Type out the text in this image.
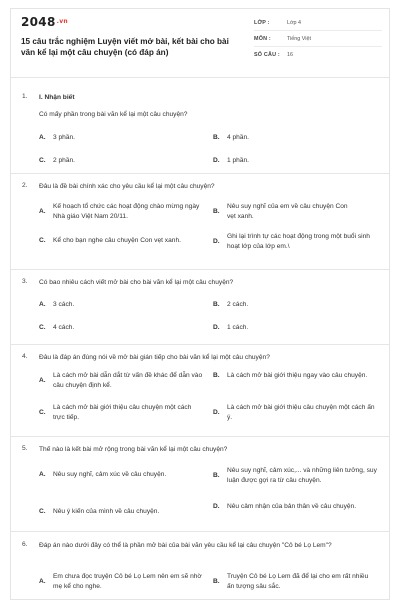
$2048^{.vn}$
15 câu trắc nghiệm Luyện viết mở bài, kết bài cho bài văn kể lại một câu chuyện (có đáp án)
LỚP :	Lớp 4
MÔN :	Tiếng Việt
SỐ CÂU :	16
1. I. Nhận biết
Có mấy phần trong bài văn kể lại một câu chuyện?
A.	3 phần.	B.	4 phần.
C.	2 phần.	D.	1 phần.
2. Đâu là đề bài chính xác cho yêu cầu kể lại một câu chuyện?
A.
Kế hoạch tổ chức các hoạt động chào mừng ngày Nhà giáo Việt Nam 20/11.
B.
Nêu suy nghĩ của em về câu chuyện Con vẹt xanh.
C.	Kể cho bạn nghe câu chuyện Con vẹt xanh.	D.
Ghi lại trình tự các hoạt động trong một buổi sinh hoạt lớp của lớp em.\
3. Có bao nhiêu cách viết mở bài cho bài văn kể lại một câu chuyện?
A.	3 cách.	B.	2 cách.
C.	4 cách.	D.	1 cách.
4. Đâu là đáp án đúng nói về mở bài gián tiếp cho bài văn kể lại một câu chuyện?
A.
Là cách mở bài dẫn dắt từ vấn đề khác để dẫn vào câu chuyện định kể.
B.	Là cách mở bài giới thiệu ngay vào câu chuyện.
C.
Là cách mở bài giới thiệu câu chuyện một cách trực tiếp.
D.
Là cách mở bài giới thiệu câu chuyện một cách ấn ý.
5. Thế nào là kết bài mở rộng trong bài văn kể lại một câu chuyện?
A.	Nêu suy nghĩ, cảm xúc về câu chuyện.	B.
Nêu suy nghĩ, cảm xúc,... và những liên tưởng, suy luận được gợi ra từ câu chuyện.
C.	Nêu ý kiến của mình về câu chuyện.
D.	Nêu cảm nhận của bản thân về câu chuyện.
6. Đáp án nào dưới đây có thể là phần mở bài của bài văn yêu cầu kể lại câu chuyện "Cô bé Lọ Lem"?
A.
Em chưa đọc truyện Cô bé Lọ Lem nên em sẽ nhờ mẹ kể cho nghe.
B.
Truyện Cô bé Lọ Lem đã để lại cho em rất nhiều ấn tượng sâu sắc.
